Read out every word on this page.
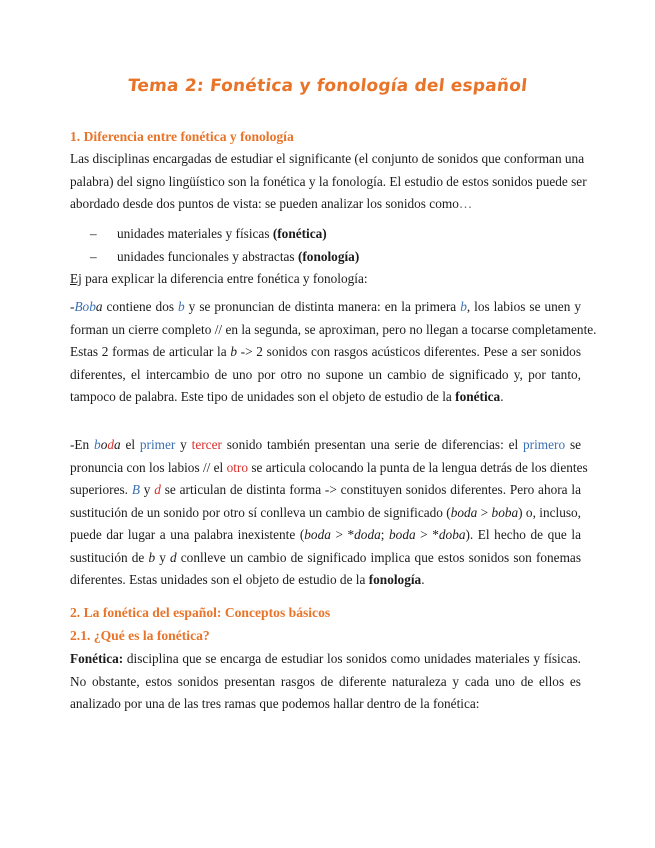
Tema 2: Fonética y fonología del español
1. Diferencia entre fonética y fonología

Las disciplinas encargadas de estudiar el significante (el conjunto de sonidos que conforman una
palabra) del signo lingüístico son la fonética y la fonología. El estudio de estos sonidos puede ser
abordado desde dos puntos de vista: se pueden analizar los sonidos como…

– unidades materiales y físicas (fonética)
– unidades funcionales y abstractas (fonología)
Ej para explicar la diferencia entre fonética y fonología:

-Boba contiene dos b y se pronuncian de distinta manera: en la primera b, los labios se unen y
forman un cierre completo // en la segunda, se aproximan, pero no llegan a tocarse completamente.
Estas 2 formas de articular la b -> 2 sonidos con rasgos acústicos diferentes. Pese a ser sonidos
diferentes, el intercambio de uno por otro no supone un cambio de significado y, por tanto,
tampoco de palabra. Este tipo de unidades son el objeto de estudio de la fonética.

-En boda el primer y tercer sonido también presentan una serie de diferencias: el primero se
pronuncia con los labios // el otro se articula colocando la punta de la lengua detrás de los dientes
superiores. B y d se articulan de distinta forma -> constituyen sonidos diferentes. Pero ahora la
sustitución de un sonido por otro sí conlleva un cambio de significado (boda > boba) o, incluso,
puede dar lugar a una palabra inexistente (boda > *doda; boda > *doba). El hecho de que la
sustitución de b y d conlleve un cambio de significado implica que estos sonidos son fonemas
diferentes. Estas unidades son el objeto de estudio de la fonología.

2. La fonética del español: Conceptos básicos
2.1. ¿Qué es la fonética?

Fonética: disciplina que se encarga de estudiar los sonidos como unidades materiales y físicas.
No obstante, estos sonidos presentan rasgos de diferente naturaleza y cada uno de ellos es
analizado por una de las tres ramas que podemos hallar dentro de la fonética:
